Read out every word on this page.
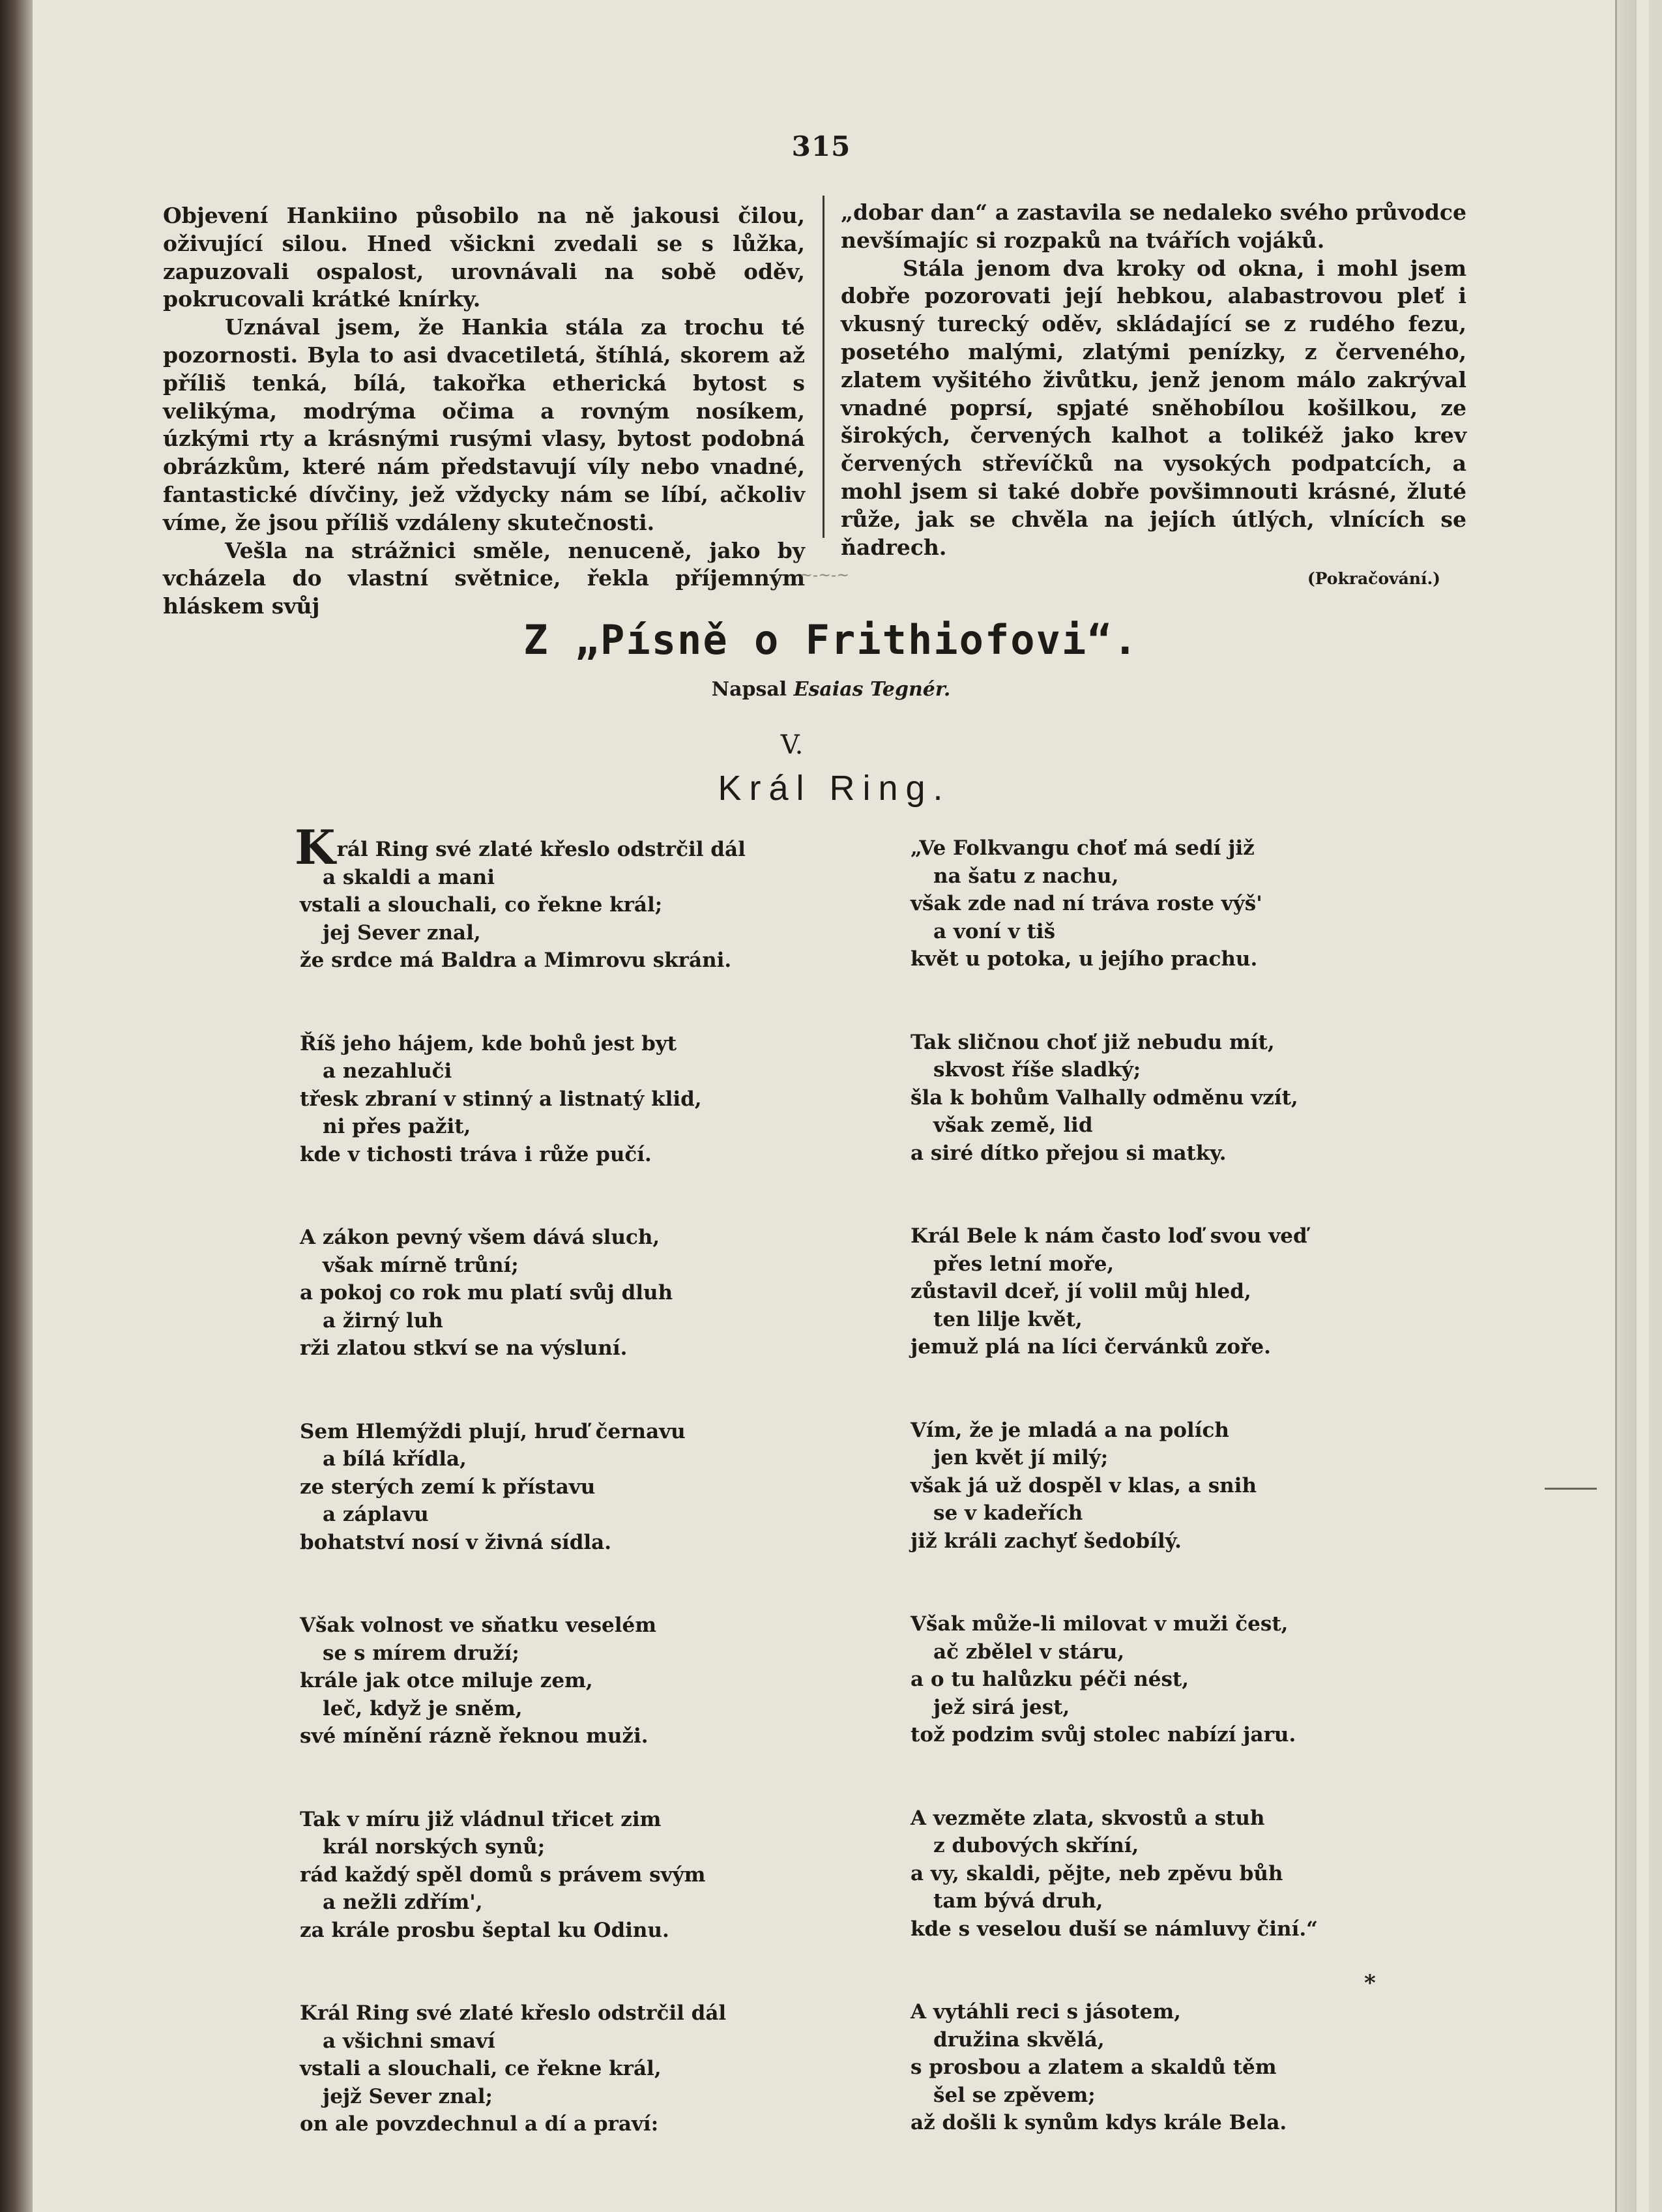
315

Objevení Hankiino působilo na ně jakousi čilou, oživující silou. Hned všickni zvedali se s lůžka, zapuzovali ospalost, urovnávali na sobě oděv, pokrucovali krátké knírky.

Uznával jsem, že Hankia stála za trochu té pozornosti. Byla to asi dvacetiletá, štíhlá, skorem až příliš tenká, bílá, takořka etherická bytost s velikýma, modrýma očima a rovným nosíkem, úzkými rty a krásnými rusými vlasy, bytost podobná obrázkům, které nám představují víly nebo vnadné, fantastické dívčiny, jež vždycky nám se líbí, ačkoliv víme, že jsou příliš vzdáleny skutečnosti.

Vešla na strážnici směle, nenuceně, jako by vcházela do vlastní světnice, řekla příjemným hláskem svůj

„dobar dan“ a zastavila se nedaleko svého průvodce nevšímajíc si rozpaků na tvářích vojáků.

Stála jenom dva kroky od okna, i mohl jsem dobře pozorovati její hebkou, alabastrovou pleť i vkusný turecký oděv, skládající se z rudého fezu, posetého malými, zlatými penízky, z červeného, zlatem vyšitého živůtku, jenž jenom málo zakrýval vnadné poprsí, spjaté sněhobílou košilkou, ze širokých, červených kalhot a tolikéž jako krev červených střevíčků na vysokých podpatcích, a mohl jsem si také dobře povšimnouti krásné, žluté růže, jak se chvěla na jejích útlých, vlnících se ňadrech.

(Pokračování.)
~-~-~
Z „Písně o Frithiofovi“.
Napsal Esaias Tegnér.
V.
Král Ring.
Král Ring své zlaté křeslo odstrčil dál
a skaldi a mani
vstali a slouchali, co řekne král;
jej Sever znal,
že srdce má Baldra a Mimrovu skráni.
Říš jeho hájem, kde bohů jest byt
a nezahluči
třesk zbraní v stinný a listnatý klid,
ni přes pažit,
kde v tichosti tráva i růže pučí.
A zákon pevný všem dává sluch,
však mírně trůní;
a pokoj co rok mu platí svůj dluh
a žirný luh
rži zlatou stkví se na výsluní.
Sem Hlemýždi plují, hruď černavu
a bílá křídla,
ze sterých zemí k přístavu
a záplavu
bohatství nosí v živná sídla.
Však volnost ve sňatku veselém
se s mírem druží;
krále jak otce miluje zem,
leč, když je sněm,
své mínění rázně řeknou muži.
Tak v míru již vládnul třicet zim
král norských synů;
rád každý spěl domů s právem svým
a nežli zdřím',
za krále prosbu šeptal ku Odinu.
Král Ring své zlaté křeslo odstrčil dál
a všichni smaví
vstali a slouchali, ce řekne král,
jejž Sever znal;
on ale povzdechnul a dí a praví:
„Ve Folkvangu choť má sedí již
na šatu z nachu,
však zde nad ní tráva roste výš'
a voní v tiš
květ u potoka, u jejího prachu.
Tak sličnou choť již nebudu mít,
skvost říše sladký;
šla k bohům Valhally odměnu vzít,
však země, lid
a siré dítko přejou si matky.
Král Bele k nám často loď svou veď
přes letní moře,
zůstavil dceř, jí volil můj hled,
ten lilje květ,
jemuž plá na líci červánků zoře.
Vím, že je mladá a na polích
jen květ jí milý;
však já už dospěl v klas, a snih
se v kadeřích
již králi zachyť šedobílý.
Však může-li milovat v muži čest,
ač zbělel v stáru,
a o tu halůzku péči nést,
jež sirá jest,
tož podzim svůj stolec nabízí jaru.
A vezměte zlata, skvostů a stuh
z dubových skříní,
a vy, skaldi, pějte, neb zpěvu bůh
tam bývá druh,
kde s veselou duší se námluvy činí.“
A vytáhli reci s jásotem,
družina skvělá,
s prosbou a zlatem a skaldů těm
šel se zpěvem;
až došli k synům kdys krále Bela.
*
